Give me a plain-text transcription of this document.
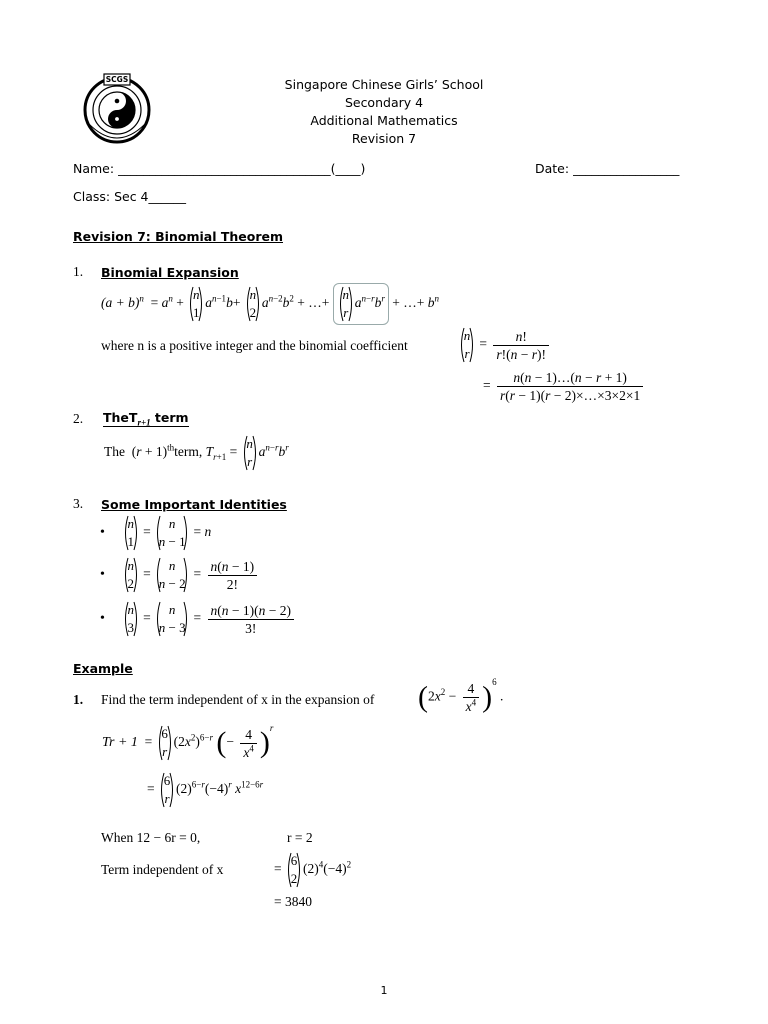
SCGS	Singapore Chinese Girls’ School
Secondary 4
Additional Mathematics
Revision 7
Name: __________________________________(____)	Date: _________________
Class: Sec 4______
Revision 7: Binomial Theorem
1. Binomial Expansion
$(a + b)^n = a^n$ +
n
1
$a^{n-1}b+$
n
2
$a^{n-2}b^2$ + …+
n
r
$a^{n-r}b^r$ + …+ $b^n$
where n is a positive integer and the binomial coefficient
n
r
= $\frac{n!}{r!(n - r)!}$
= $\frac{n(n - 1)\dots(n - r + 1)}{r(r - 1)(r - 2)\times\dots\times 3\times 2\times 1}$
2. TheT$_{r+1}$ term
The  $(r + 1)^{th}term$, $T_{r+1}$ =
n
r
$a^{n-r}b^r$
3. Some Important Identities
•
n
1
=
n
n − 1
= n
•
n
2
=
n
n − 2
= $\frac{n(n - 1)}{2!}$
•
n
3
=
n
n − 3
= $\frac{n(n - 1)(n - 2)}{3!}$
Example
1. Find the term independent of x in the expansion of $(2x^2 - \frac{4}{x^4} )^6$ .
Tr + 1  =
6
r
$(2x^2)^{6-r}$ (− $\frac{4}{x^4} )^r$
=
6
r
$(2)^{6-r}(-4)^r$ $x^{12-6r}$
When 12 − 6r = 0,	r = 2
Term independent of x	=
6
2
$(2)^4(-4)^2$
= 3840
1
